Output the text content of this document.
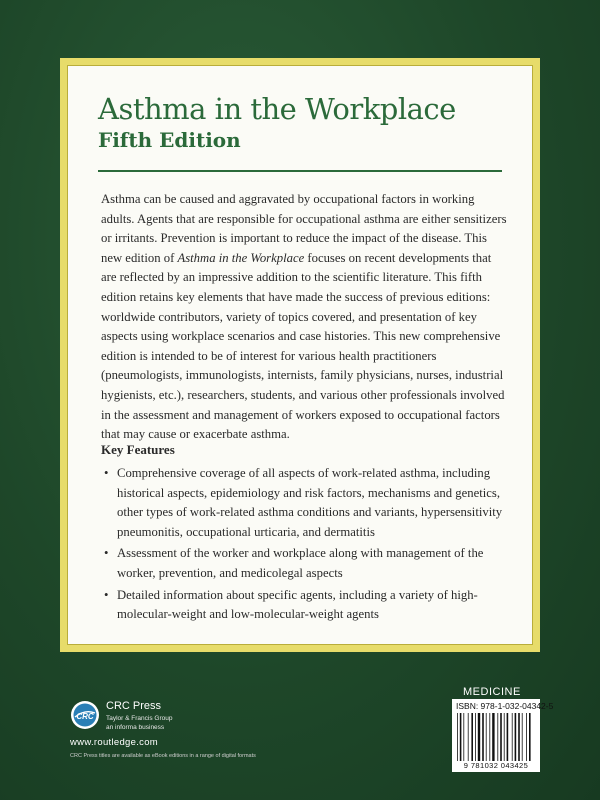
Asthma in the Workplace
Fifth Edition

Asthma can be caused and aggravated by occupational factors in working adults. Agents that are responsible for occupational asthma are either sensitizers or irritants. Prevention is important to reduce the impact of the disease. This new edition of Asthma in the Workplace focuses on recent developments that are reflected by an impressive addition to the scientific literature. This fifth edition retains key elements that have made the success of previous editions: worldwide contributors, variety of topics covered, and presentation of key aspects using workplace scenarios and case histories. This new comprehensive edition is intended to be of interest for various health practitioners (pneumologists, immunologists, internists, family physicians, nurses, industrial hygienists, etc.), researchers, students, and various other professionals involved in the assessment and management of workers exposed to occupational factors that may cause or exacerbate asthma.

Key Features
• Comprehensive coverage of all aspects of work-related asthma, including historical aspects, epidemiology and risk factors, mechanisms and genetics, other types of work-related asthma conditions and variants, hypersensitivity pneumonitis, occupational urticaria, and dermatitis
• Assessment of the worker and workplace along with management of the worker, prevention, and medicolegal aspects
• Detailed information about specific agents, including a variety of high-molecular-weight and low-molecular-weight agents
CRC
CRC Press
Taylor & Francis Group
an informa business
www.routledge.com
CRC Press titles are available as eBook editions in a range of digital formats
MEDICINE

ISBN: 978-1-032-04342-5

9 781032 043425
